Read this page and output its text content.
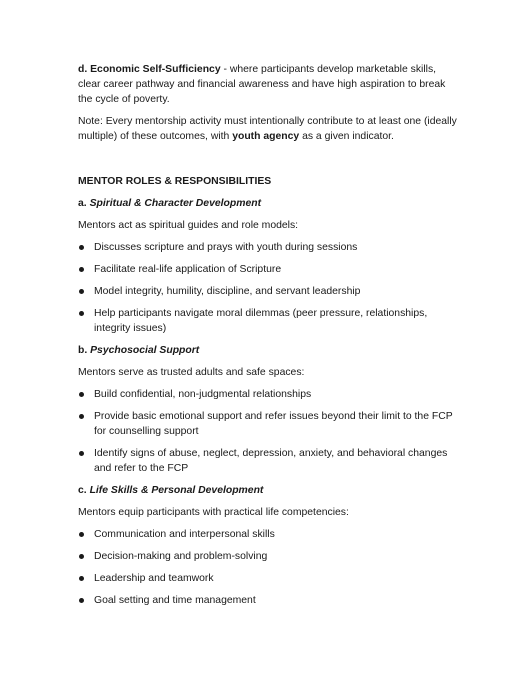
d. Economic Self-Sufficiency - where participants develop marketable skills, clear career pathway and financial awareness and have high aspiration to break the cycle of poverty.

Note: Every mentorship activity must intentionally contribute to at least one (ideally multiple) of these outcomes, with youth agency as a given indicator.

MENTOR ROLES & RESPONSIBILITIES

a. Spiritual & Character Development

Mentors act as spiritual guides and role models:

Discusses scripture and prays with youth during sessions
Facilitate real-life application of Scripture
Model integrity, humility, discipline, and servant leadership
Help participants navigate moral dilemmas (peer pressure, relationships, integrity issues)

b. Psychosocial Support

Mentors serve as trusted adults and safe spaces:

Build confidential, non-judgmental relationships
Provide basic emotional support and refer issues beyond their limit to the FCP for counselling support
Identify signs of abuse, neglect, depression, anxiety, and behavioral changes and refer to the FCP

c. Life Skills & Personal Development

Mentors equip participants with practical life competencies:

Communication and interpersonal skills
Decision-making and problem-solving
Leadership and teamwork
Goal setting and time management
